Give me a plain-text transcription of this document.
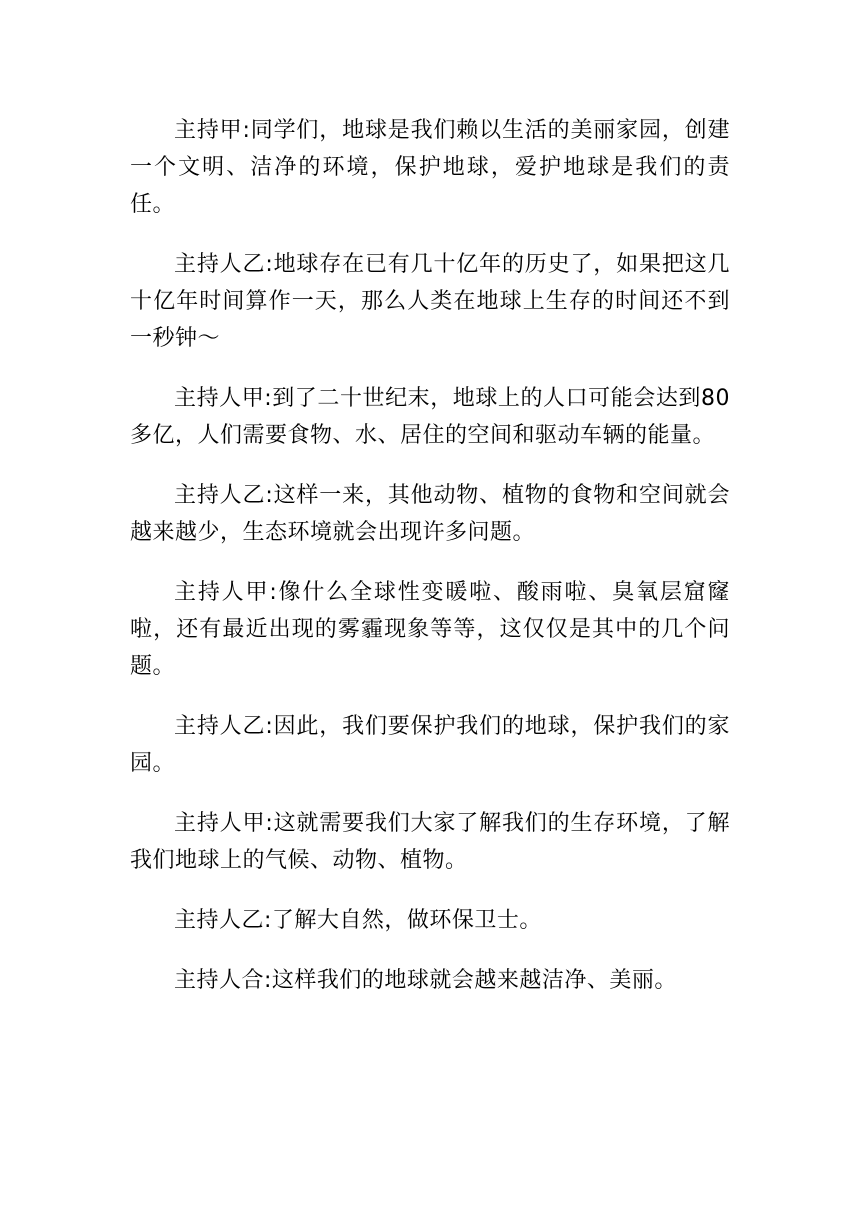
主持甲:同学们，地球是我们赖以生活的美丽家园，创建一个文明、洁净的环境，保护地球，爱护地球是我们的责任。

主持人乙:地球存在已有几十亿年的历史了，如果把这几十亿年时间算作一天，那么人类在地球上生存的时间还不到一秒钟～

主持人甲:到了二十世纪末，地球上的人口可能会达到80多亿，人们需要食物、水、居住的空间和驱动车辆的能量。

主持人乙:这样一来，其他动物、植物的食物和空间就会越来越少，生态环境就会出现许多问题。

主持人甲:像什么全球性变暖啦、酸雨啦、臭氧层窟窿啦，还有最近出现的雾霾现象等等，这仅仅是其中的几个问题。

主持人乙:因此，我们要保护我们的地球，保护我们的家园。

主持人甲:这就需要我们大家了解我们的生存环境，了解我们地球上的气候、动物、植物。

主持人乙:了解大自然，做环保卫士。

主持人合:这样我们的地球就会越来越洁净、美丽。
